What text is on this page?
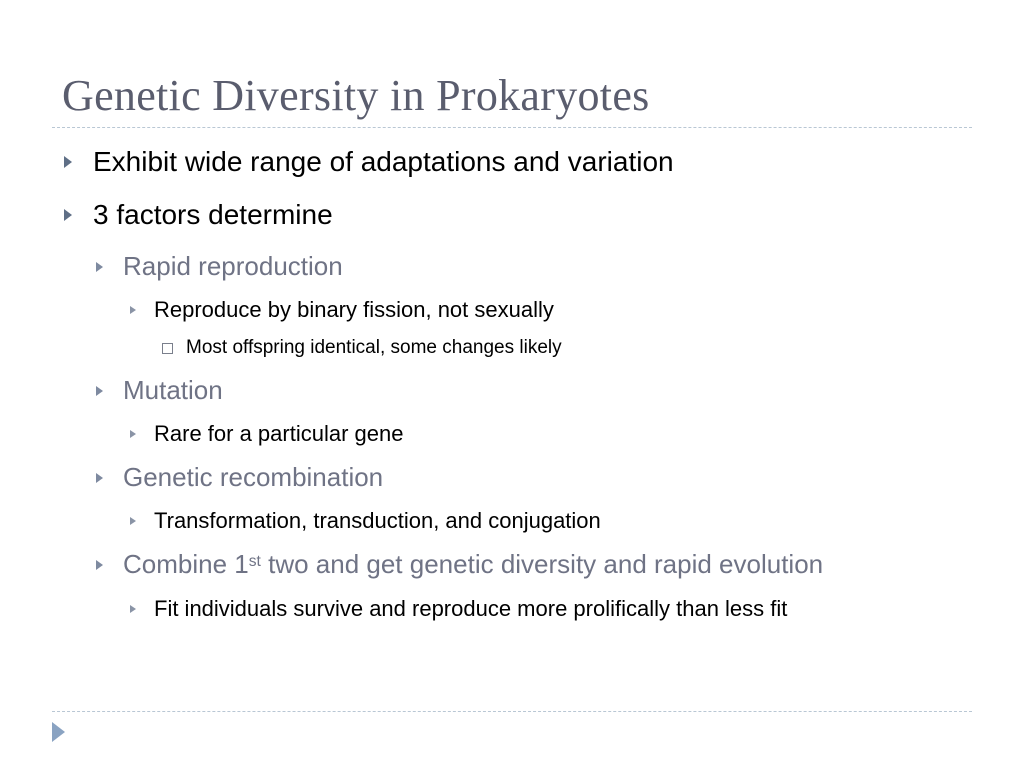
Genetic Diversity in Prokaryotes
Exhibit wide range of adaptations and variation
3 factors determine
Rapid reproduction
Reproduce by binary fission, not sexually
Most offspring identical, some changes likely
Mutation
Rare for a particular gene
Genetic recombination
Transformation, transduction, and conjugation
Combine 1st two and get genetic diversity and rapid evolution
Fit individuals survive and reproduce more prolifically than less fit
